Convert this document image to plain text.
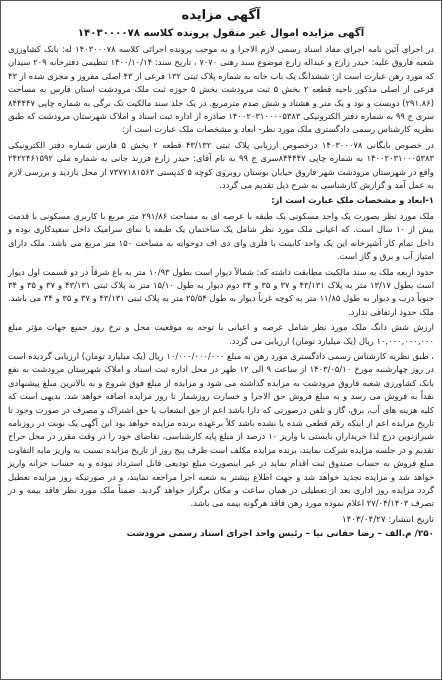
آگهی مزایده
آگهی مزایده اموال غیر منقول پرونده کلاسه ۱۴۰۳۰۰۰۰۷۸
در اجرای آئین نامه اجرای مفاد اسناد رسمی لازم الاجرا و به موجب پرونده اجرائی کلاسه ۱۴۰۳۰۰۰۷۸ له: بانک کشاورزی شعبه فاروق علیه: حیدر زارع و عبداله زارع موضوع سند رهنی ۷۰۷۰ ، تاریخ سند: ۱۴۰۰/۱۰/۱۴ تنظیمی دفترخانه ۲۰۹ سیدان که مورد رهن عبارت است از: ششدانگ یک باب خانه به شماره پلاک ثبتی ۱۳۲ فرعی از ۴۳ اصلی مفروز و مجزی شده از ۴۳ فرعی از اصلی مذکور ناحیه قطعه ۲ بخش ۵ ثبت مرودشت بخش ۵ حوزه ثبت ملک مرودشت استان فارس به مساحت (۲۹۱.۸۶) دویست و نود و یک متر و هشتاد و شش صدم مترمربع. در یک جلد سند مالکیت تک برگی به شماره چاپی ۸۴۴۴۴۷ سری ج ۹۹ به شماره دفتر الکترونیکی ۱۴۰۰۲۰۳۱۰۰۰۰۵۳۸۳ صادره از اداره ثبت اسناد و املاک شهرستان مرودشت که طبق نظریه کارشناس رسمی دادگستری ملک مورد نظر- ابعاد و مشخصات ملک عبارت است از:
در خصوص بایگانی ۱۴۰۳۰۰۰۷۸ درخصوص ارزیابی پلاک ثبتی ۴۳/۱۳۲ قطعه ۲ بخش ۵ فارس شماره دفتر الکترونیکی ۱۴۰۰۲۰۳۱۰۰۰۵۳۸۳ به شماره چاپی ۸۴۴۴۴۷سری ج ۹۹ به نام آقای: حیدر زارع فرزند جانی به شماره ملی ۲۴۲۲۴۶۱۵۹۲ واقع در شهرستان مرودشت شهر فاروق خیابان بوستان روبروی کوچه ۵ کدپستی ۷۳۷۷۱۸۱۵۶۳ از محل بازدید و بررسی لازم به عمل آمد و گزارش کارشناسی به شرح ذیل تقدیم می گردد.
۱-ابعاد و مشخصات ملک عبارت است از:
ملک مورد نظر بصورت یک واحد مسکونی یک طبقه با عرصه ای به مساحت ۲۹۱/۸۶ متر مربع با کاربری مسکونی با قدمت بیش از ۱۰ سال است. که اعیانی ملک مورد نظر شامل یک ساختمان یک طبقه با نمای سرامیک داخل سفیدکاری بوده و داخل تمام کار آشپزخانه این یک واحد کابینت با فلزی وای دی اف دوخوابه به مساحت ۱۵۰ متر مربع می باشد. ملک دارای امتیاز آب و برق و گاز است.
حدود اربعه ملک به سند مالکیت مطابقت داشته که: شمالاً دیوار است بطول ۱۰/۹۳ متر به باغ شرقاً در دو قسمت اول دیوار است بطول ۱۳/۱۷ متر به پلاک ۴۳/۱۳۱ و ۳۷ و ۳۵ و ۳۴ دوم دیوار به طول ۱۵/۱۰ متر به پلاک ثبتی ۴۳/۱۳۱ و ۳۷ و ۳۵ و ۳۴ جنوباً درب و دیوار به طول ۱۱/۸۵ متر به کوچه غرباً دیوار به طول ۲۵/۵۴ متر به پلاک ثبتی ۴۳/۱۳۱ و ۳۷ و ۳۵ و ۳۴ می باشد. ملک حدود ارتفاقی ندارد.
ارزش شش دانگ ملک مورد نظر شامل عرصه و اعیانی با توجه به موقعیت محل و نرخ روز جمیع جهات مؤثر مبلغ ۱۰,۰۰۰,۰۰۰,۰۰۰ ریال (یک میلیارد تومان) ارزیابی می گردد.
، طبق نظریه کارشناس رسمی دادگستری مورد رهن به مبلغ ۱۰/۰۰۰/۰۰۰/۰۰۰ ریال (یک میلیارد تومان) ارزیابی گردیده است در روز چهارشنبه مورخ ۱۴۰۳/۰۵/۱۰ از ساعت ۹ الی ۱۲ ظهر در محل اداره ثبت اسناد و املاک شهرستان مرودشت به نفع بانک کشاورزی شعبه فاروق مرودشت به مزایده گذاشته می شود و مزایده از مبلغ فوق شروع و به بالاترین مبلغ پیشنهادی نقداً به فروش می رسد و به مبلغ فروش حق الاجرا و خسارت روزشمار تا روز مزایده اضافه خواهد شد. بدیهی است که کلیه هزینه های آب، برق، گاز و تلفن درصورتی که دارا باشد اعم از حق انشعاب یا حق اشتراک و مصرف در صورت وجود تا تاریخ مزایده اعم از اینکه رقم قطعی شده یا نشده باشد کلاً برعهده برنده مزایده خواهد بود این آگهی یک نوبت در روزنامه شیرازنوین درج لذا خریداران بایستی با واریز ۱۰ درصد از مبلغ پایه کارشناسی، تقاضای خود را در وقت مقرر در محل حراج تقدیم و در جلسه مزایده شرکت نمایند، برنده مزایده مکلف است ظرف پنج روز از تاریخ مزایده نسبت به واریز مابه التفاوت مبلغ فروش به حساب صندوق ثبت اقدام نماید در غیر اینصورت مبلغ تودیعی قابل استرداد نبوده و به حساب خزانه واریز خواهد شد و مزایده تجدید خواهد شد و جهت اطلاع بیشتر به شعبه اجرا مراجعه نمایند، و در صورتیکه روز مزایده تعطیل گردد مزایده روز اداری بعد از تعطیلی در همان ساعت و مکان برگزار خواهد گردید. ضمناً ملک مورد نظر فاقد بیمه و در تصرف ۲۷/۰۴/۱۴۰۳ اعلام نموده مورد رهن فاقد هرگونه بیمه می باشد.
تاریخ انتشار: ۱۴۰۳/۰۴/۲۷
۲۵۰/ م.الف – رضا حقانی نیا – رئیس واحد اجرای اسناد رسمی مرودشت
